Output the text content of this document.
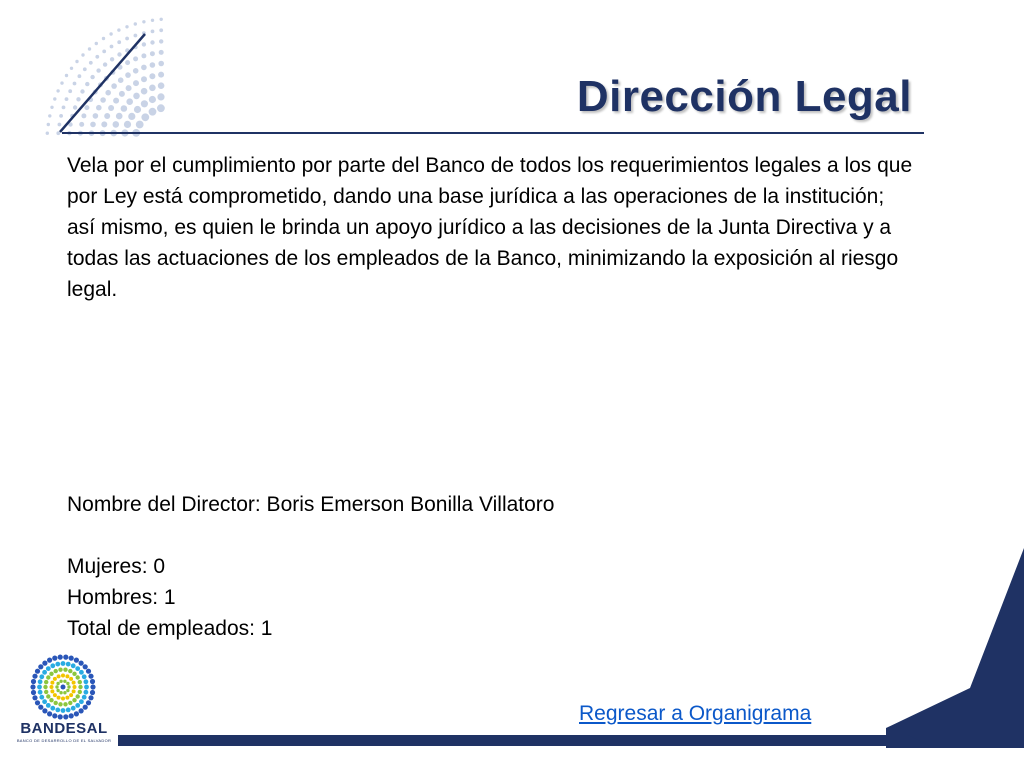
Dirección Legal

Vela por el cumplimiento por parte del Banco de todos los requerimientos legales a los que por Ley está comprometido, dando una base jurídica a las operaciones de la institución; así mismo, es quien le brinda un apoyo jurídico a las decisiones de la Junta Directiva y a todas las actuaciones de los empleados de la Banco, minimizando la exposición al riesgo legal.

Nombre del Director: Boris Emerson Bonilla Villatoro

Mujeres: 0

Hombres: 1

Total de empleados: 1

Regresar a Organigrama
BANDESAL
BANCO DE DESARROLLO DE EL SALVADOR
